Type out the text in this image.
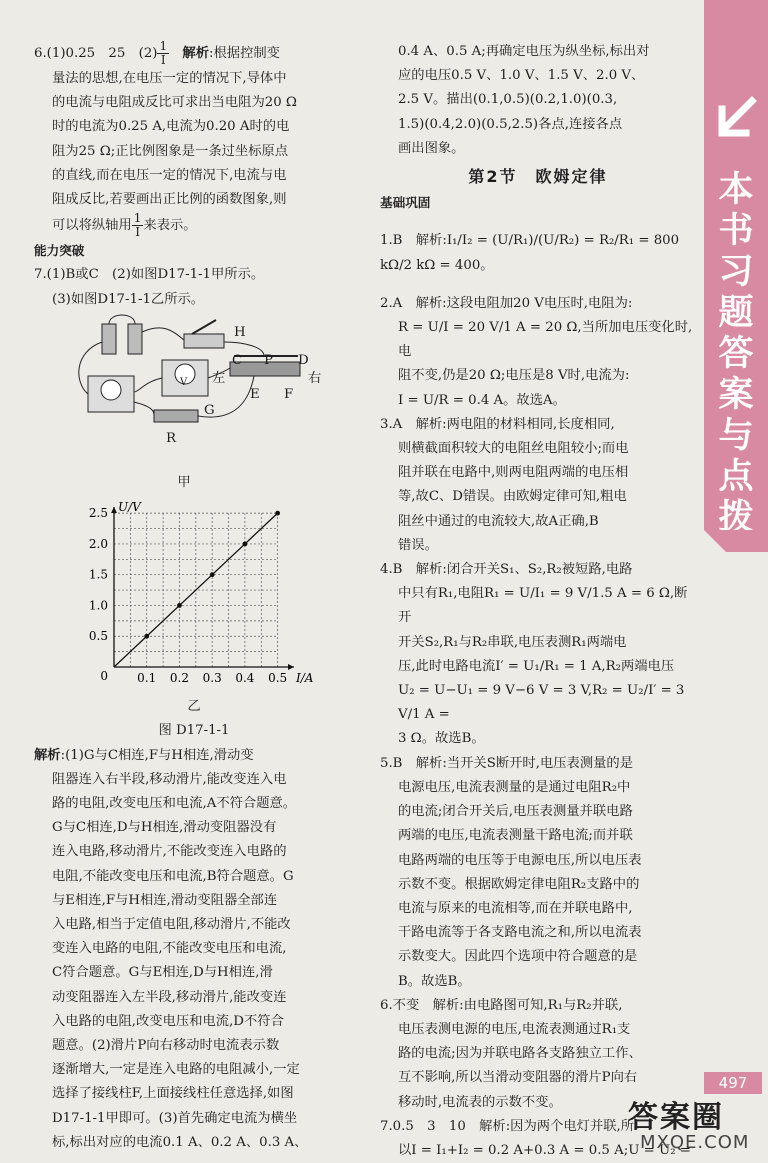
本
书
习
题
答
案
与
点
拨

6.(1)0.25　25　$(2) \frac{1}{I}$ 　解析:根据控制变

量法的思想,在电压一定的情况下,导体中

的电流与电阻成反比可求出当电阻为20 Ω

时的电流为0.25 A,电流为0.20 A时的电

阻为25 Ω;正比例图象是一条过坐标原点

的直线,而在电压一定的情况下,电流与电

阻成反比,若要画出正比例的函数图象,则

可以将纵轴用 $\frac{1}{I}$ 来表示。

能力突破

7.(1)B或C　(2)如图D17-1-1甲所示。

(3)如图D17-1-1乙所示。

H
C P D
左	右
E F
G
R
V
甲
0.1 0.2 0.3 0.4 0.5
0.5
1.0
1.5
2.0
2.5
0	I/A
U/V
乙
图 D17-1-1

解析:(1)G与C相连,F与H相连,滑动变

阻器连入右半段,移动滑片,能改变连入电

路的电阻,改变电压和电流,A不符合题意。

G与C相连,D与H相连,滑动变阻器没有

连入电路,移动滑片,不能改变连入电路的

电阻,不能改变电压和电流,B符合题意。G

与E相连,F与H相连,滑动变阻器全部连

入电路,相当于定值电阻,移动滑片,不能改

变连入电路的电阻,不能改变电压和电流,

C符合题意。G与E相连,D与H相连,滑

动变阻器连入左半段,移动滑片,能改变连

入电路的电阻,改变电压和电流,D不符合

题意。(2)滑片P向右移动时电流表示数

逐渐增大,一定是连入电路的电阻减小,一定

选择了接线柱F,上面接线柱任意选择,如图

D17-1-1甲即可。(3)首先确定电流为横坐

标,标出对应的电流0.1 A、0.2 A、0.3 A、

0.4 A、0.5 A;再确定电压为纵坐标,标出对

应的电压0.5 V、1.0 V、1.5 V、2.0 V、

2.5 V。描出(0.1,0.5)(0.2,1.0)(0.3,

1.5)(0.4,2.0)(0.5,2.5)各点,连接各点

画出图象。

第2节　欧姆定律

基础巩固

1.B　解析:I₁/I₂ = (U/R₁)/(U/R₂) = R₂/R₁ = 800 kΩ/2 kΩ = 400。

2.A　解析:这段电阻加20 V电压时,电阻为:

R = U/I = 20 V/1 A = 20 Ω,当所加电压变化时,电

阻不变,仍是20 Ω;电压是8 V时,电流为:

I = U/R = 0.4 A。故选A。

3.A　解析:两电阻的材料相同,长度相同,

则横截面积较大的电阻丝电阻较小;而电

阻并联在电路中,则两电阻两端的电压相

等,故C、D错误。由欧姆定律可知,粗电

阻丝中通过的电流较大,故A正确,B

错误。

4.B　解析:闭合开关S₁、S₂,R₂被短路,电路

中只有R₁,电阻R₁ = U/I₁ = 9 V/1.5 A = 6 Ω,断开

开关S₂,R₁与R₂串联,电压表测R₁两端电

压,此时电路电流I′ = U₁/R₁ = 1 A,R₂两端电压

U₂ = U−U₁ = 9 V−6 V = 3 V,R₂ = U₂/I′ = 3 V/1 A =

3 Ω。故选B。

5.B　解析:当开关S断开时,电压表测量的是

电源电压,电流表测量的是通过电阻R₂中

的电流;闭合开关后,电压表测量并联电路

两端的电压,电流表测量干路电流;而并联

电路两端的电压等于电源电压,所以电压表

示数不变。根据欧姆定律电阻R₂支路中的

电流与原来的电流相等,而在并联电路中,

干路电流等于各支路电流之和,所以电流表

示数变大。因此四个选项中符合题意的是

B。故选B。

6.不变　解析:由电路图可知,R₁与R₂并联,

电压表测电源的电压,电流表测通过R₁支

路的电流;因为并联电路各支路独立工作、

互不影响,所以当滑动变阻器的滑片P向右

移动时,电流表的示数不变。

7.0.5　3　10　解析:因为两个电灯并联,所

以I = I₁+I₂ = 0.2 A+0.3 A = 0.5 A;U = U₂ =

497
答案圈
MXQE.COM
